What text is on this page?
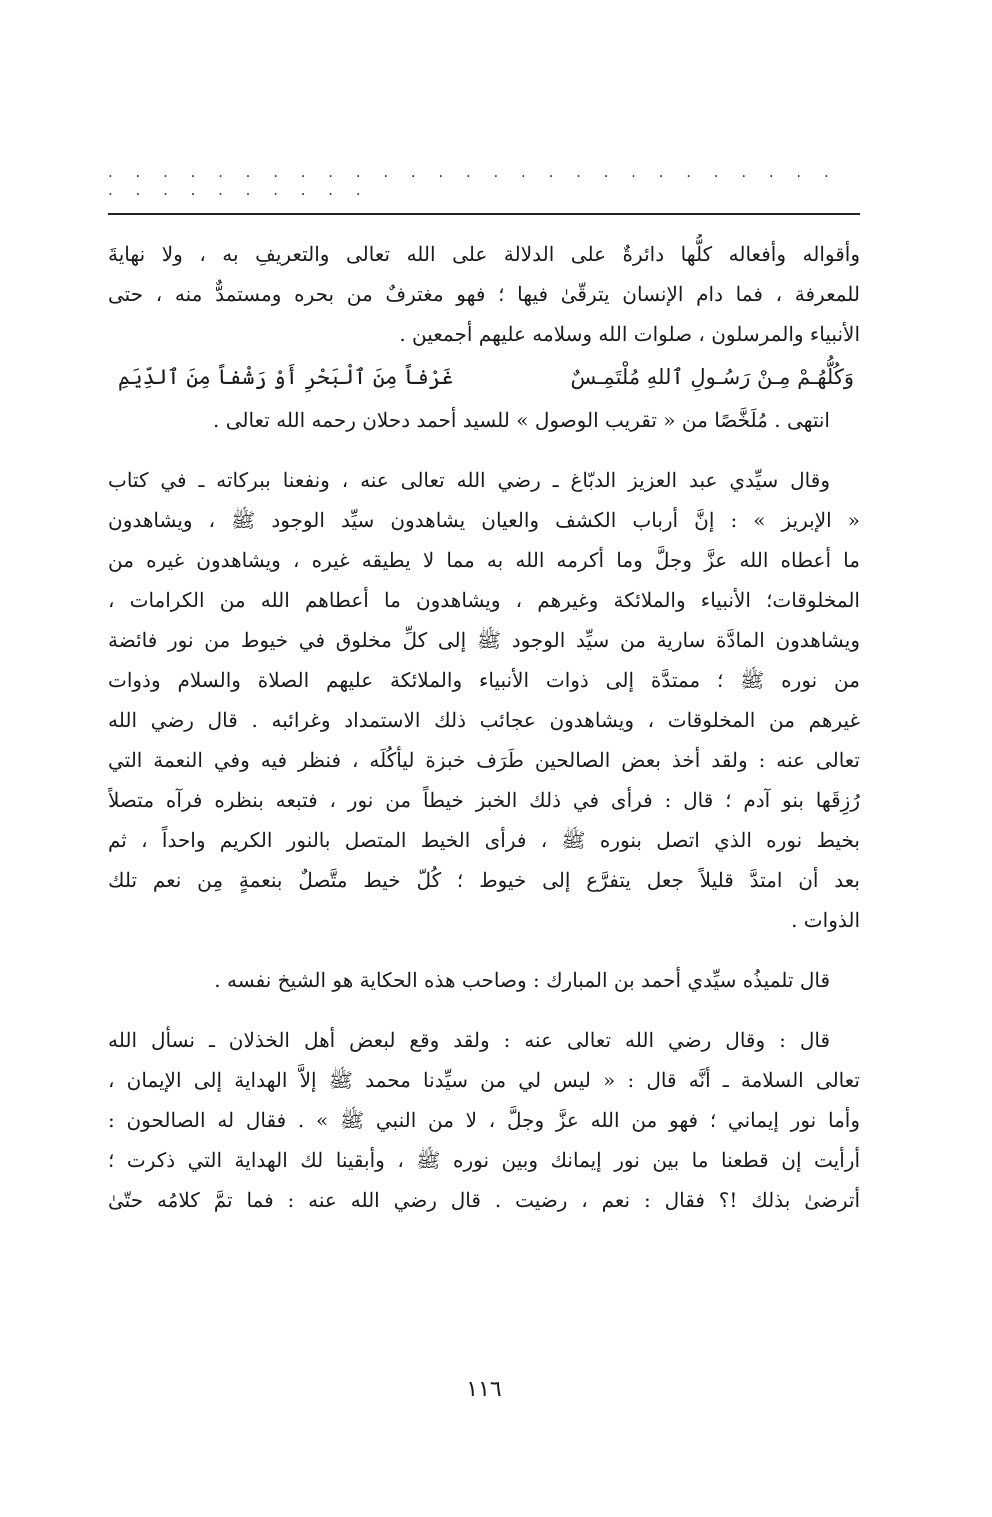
. . . . . . . . . . . . . . . . . . . . . . . . . . . . . . . . . . . . .
وأقواله وأفعاله كلُّها دائرةٌ على الدلالة على الله تعالى والتعريفِ به ، ولا نهايةَ
للمعرفة ، فما دام الإنسان يترقّىٰ فيها ؛ فهو مغترفٌ من بحره ومستمدٌّ منه ، حتى
الأنبياء والمرسلون ، صلوات الله وسلامه عليهم أجمعين .
وَكُلُّهُـمْ مِـنْ رَسُـولِ ٱللهِ مُلْتَمِـسٌ
غَرْفاً مِنَ ٱلْبَحْرِ أَوْ رَشْفاً مِنَ ٱلدِّيَمِ
انتهى . مُلَخَّصًا من « تقريب الوصول » للسيد أحمد دحلان رحمه الله تعالى .
وقال سيِّدي عبد العزيز الدبّاغ ـ رضي الله تعالى عنه ، ونفعنا ببركاته ـ في كتاب
« الإبريز » : إنَّ أرباب الكشف والعيان يشاهدون سيِّد الوجود ﷺ ، ويشاهدون
ما أعطاه الله عزَّ وجلَّ وما أكرمه الله به مما لا يطيقه غيره ، ويشاهدون غيره من
المخلوقات؛ الأنبياء والملائكة وغيرهم ، ويشاهدون ما أعطاهم الله من الكرامات ،
ويشاهدون المادَّة سارية من سيِّد الوجود ﷺ إلى كلِّ مخلوق في خيوط من نور فائضة
من نوره ﷺ ؛ ممتدَّة إلى ذوات الأنبياء والملائكة عليهم الصلاة والسلام وذوات
غيرهم من المخلوقات ، ويشاهدون عجائب ذلك الاستمداد وغرائبه . قال رضي الله
تعالى عنه : ولقد أخذ بعض الصالحين طَرَف خبزة ليأكُلَه ، فنظر فيه وفي النعمة التي
رُزِقَها بنو آدم ؛ قال : فرأى في ذلك الخبز خيطاً من نور ، فتبعه بنظره فرآه متصلاً
بخيط نوره الذي اتصل بنوره ﷺ ، فرأى الخيط المتصل بالنور الكريم واحداً ، ثم
بعد أن امتدَّ قليلاً جعل يتفرَّع إلى خيوط ؛ كُلّ خيط متَّصلٌ بنعمةٍ مِن نعم تلك
الذوات .
قال تلميذُه سيِّدي أحمد بن المبارك : وصاحب هذه الحكاية هو الشيخ نفسه .
قال : وقال رضي الله تعالى عنه : ولقد وقع لبعض أهل الخذلان ـ نسأل الله
تعالى السلامة ـ أنَّه قال : « ليس لي من سيِّدنا محمد ﷺ إلاَّ الهداية إلى الإيمان ،
وأما نور إيماني ؛ فهو من الله عزَّ وجلَّ ، لا من النبي ﷺ » . فقال له الصالحون :
أرأيت إن قطعنا ما بين نور إيمانك وبين نوره ﷺ ، وأبقينا لك الهداية التي ذكرت ؛
أترضىٰ بذلك !؟ فقال : نعم ، رضيت . قال رضي الله عنه : فما تمَّ كلامُه حتّىٰ
١١٦
